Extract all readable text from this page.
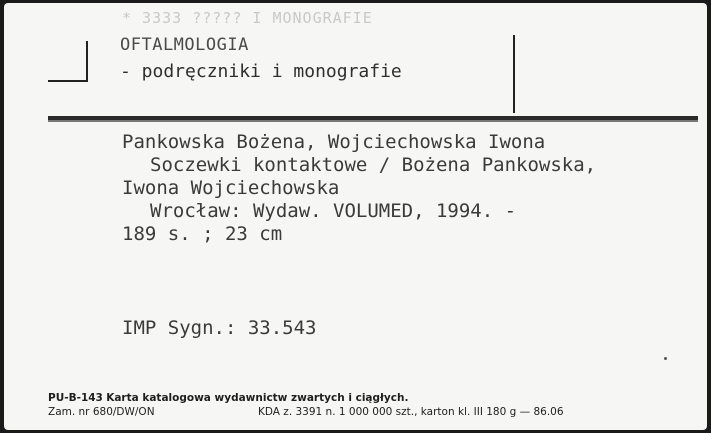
* 3333 ????? I MONOGRAFIE
OFTALMOLOGIA
- podręczniki i monografie
Pankowska Bożena, Wojciechowska Iwona
Soczewki kontaktowe / Bożena Pankowska,
Iwona Wojciechowska
Wrocław: Wydaw. VOLUMED, 1994. -
189 s. ; 23 cm
IMP Sygn.: 33.543
PU-B-143 Karta katalogowa wydawnictw zwartych i ciągłych.
Zam. nr 680/DW/ON	KDA z. 3391 n. 1 000 000 szt., karton kl. III 180 g — 86.06
